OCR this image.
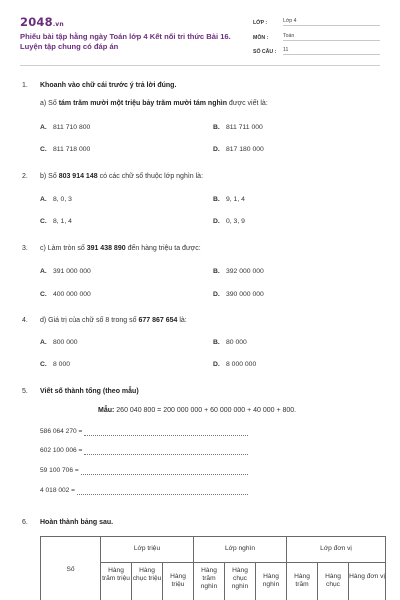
2048.vn
Phiếu bài tập hằng ngày Toán lớp 4 Kết nối tri thức Bài 16. Luyện tập chung có đáp án
LỚP :	Lớp 4
MÔN :	Toán
SỐ CÂU :	11
1. Khoanh vào chữ cái trước ý trả lời đúng.
a) Số tám trăm mười một triệu bảy trăm mười tám nghìn được viết là:
A. 811 710 800	B. 811 711 000
C. 811 718 000	D. 817 180 000
2. b) Số 803 914 148 có các chữ số thuộc lớp nghìn là:
A. 8, 0, 3	B. 9, 1, 4
C. 8, 1, 4	D. 0, 3, 9
3. c) Làm tròn số 391 438 890 đến hàng triệu ta được:
A. 391 000 000	B. 392 000 000
C. 400 000 000	D. 390 000 000
4. d) Giá trị của chữ số 8 trong số 677 867 654 là:
A. 800 000	B. 80 000
C. 8 000	D. 8 000 000
5. Viết số thành tổng (theo mẫu)
Mẫu: 260 040 800 = 200 000 000 + 60 000 000 + 40 000 + 800.
586 064 270 =
602 100 006 =
59 100 706 =
4 018 002 =
6. Hoàn thành bảng sau.
Số	Lớp triệu			Lớp nghìn			Lớp đơn vị		
	Hàng trăm triệu	Hàng chục triệu	Hàng triệu	Hàng trăm nghìn	Hàng chục nghìn	Hàng nghìn	Hàng trăm	Hàng chục	Hàng đơn vị
